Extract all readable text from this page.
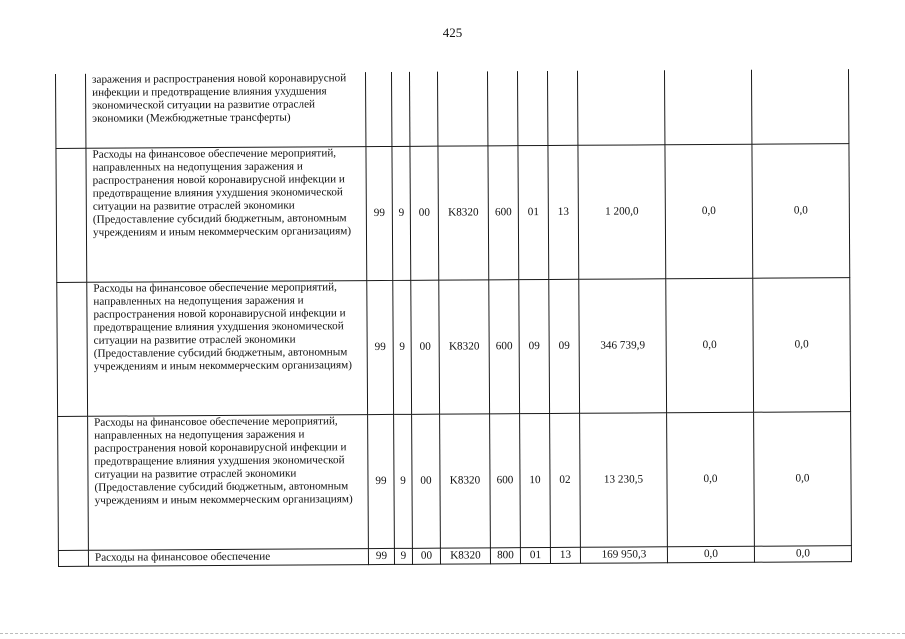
425
	заражения и распространения новой коронавирусной инфекции и предотвращение влияния ухудшения экономической ситуации на развитие отраслей экономики (Межбюджетные трансферты)										
	Расходы на финансовое обеспечение мероприятий, направленных на недопущения заражения и распространения новой коронавирусной инфекции и предотвращение влияния ухудшения экономической ситуации на развитие отраслей экономики (Предоставление субсидий бюджетным, автономным учреждениям и иным некоммерческим организациям)	99	9	00	K8320	600	01	13	1 200,0	0,0	0,0
	Расходы на финансовое обеспечение мероприятий, направленных на недопущения заражения и распространения новой коронавирусной инфекции и предотвращение влияния ухудшения экономической ситуации на развитие отраслей экономики (Предоставление субсидий бюджетным, автономным учреждениям и иным некоммерческим организациям)	99	9	00	K8320	600	09	09	346 739,9	0,0	0,0
	Расходы на финансовое обеспечение мероприятий, направленных на недопущения заражения и распространения новой коронавирусной инфекции и предотвращение влияния ухудшения экономической ситуации на развитие отраслей экономики (Предоставление субсидий бюджетным, автономным учреждениям и иным некоммерческим организациям)	99	9	00	K8320	600	10	02	13 230,5	0,0	0,0
	Расходы на финансовое обеспечение	99	9	00	K8320	800	01	13	169 950,3	0,0	0,0
